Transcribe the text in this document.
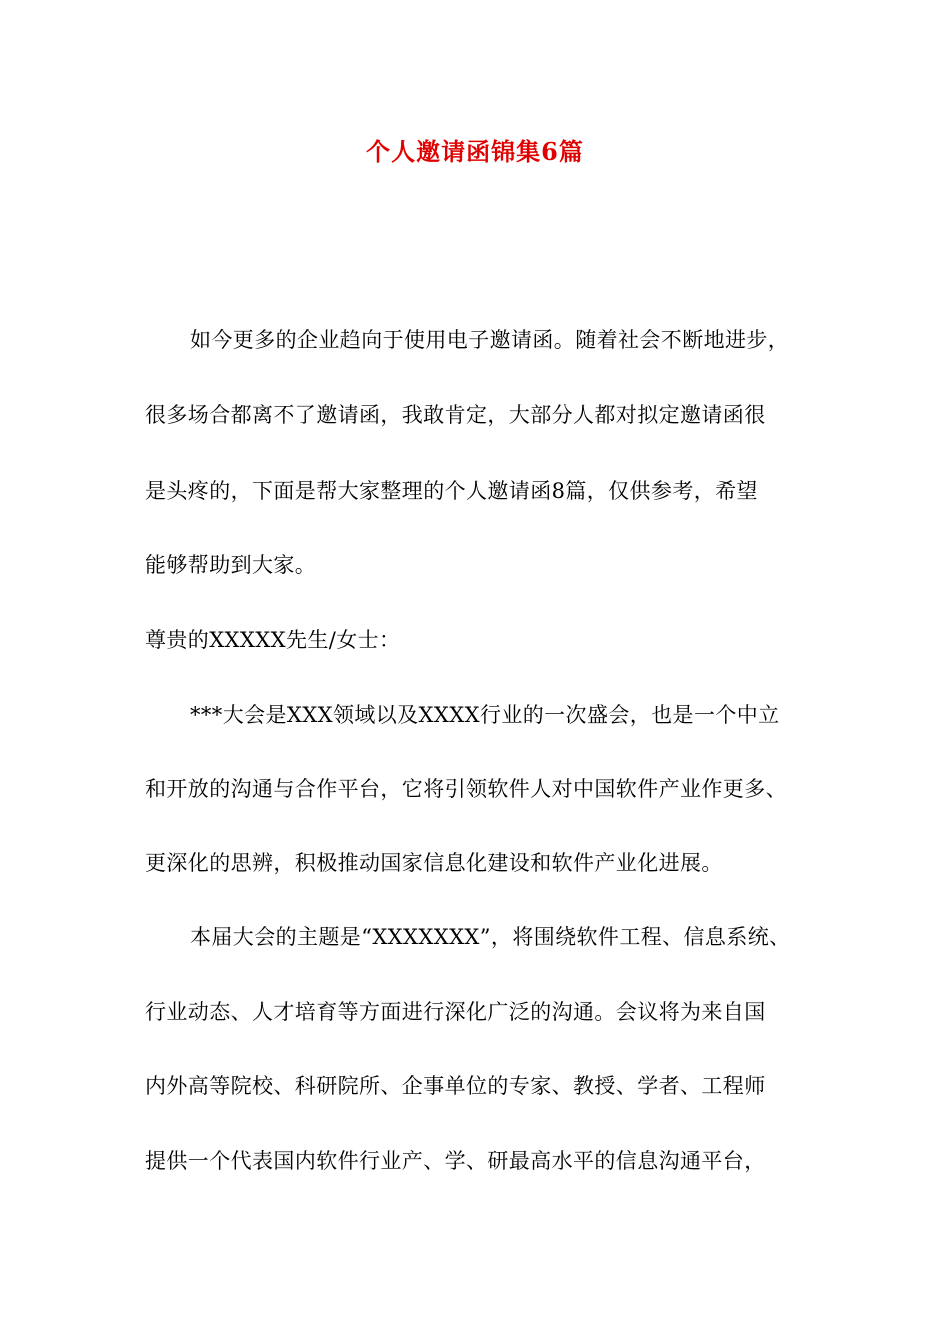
个人邀请函锦集6篇
如今更多的企业趋向于使用电子邀请函。随着社会不断地进步，
很多场合都离不了邀请函，我敢肯定，大部分人都对拟定邀请函很
是头疼的，下面是帮大家整理的个人邀请函8篇，仅供参考，希望
能够帮助到大家。
尊贵的XXXXX先生/女士：
***大会是XXX领域以及XXXX行业的一次盛会，也是一个中立
和开放的沟通与合作平台，它将引领软件人对中国软件产业作更多、
更深化的思辨，积极推动国家信息化建设和软件产业化进展。
本届大会的主题是“XXXXXXX”，将围绕软件工程、信息系统、
行业动态、人才培育等方面进行深化广泛的沟通。会议将为来自国
内外高等院校、科研院所、企事单位的专家、教授、学者、工程师
提供一个代表国内软件行业产、学、研最高水平的信息沟通平台，
